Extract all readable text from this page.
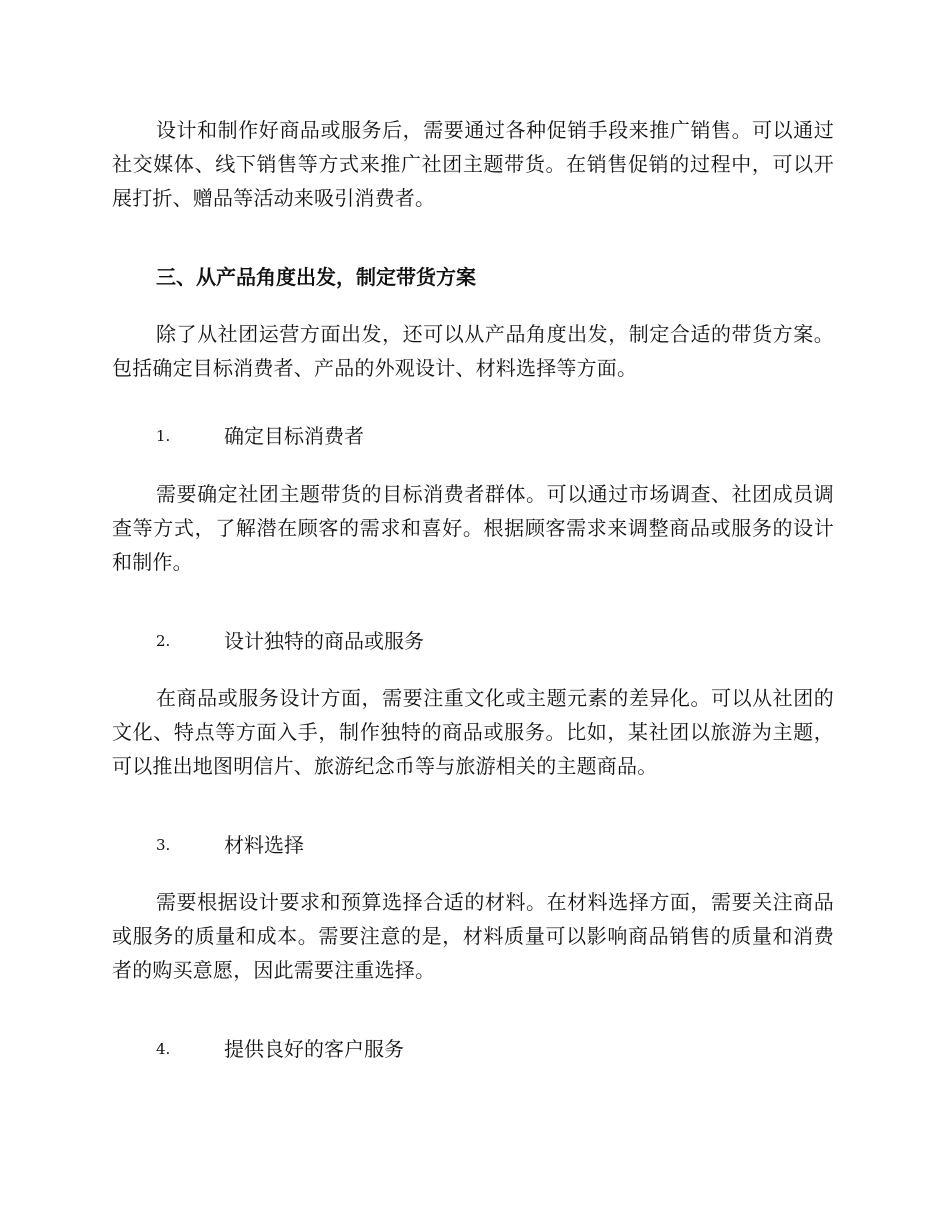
设计和制作好商品或服务后，需要通过各种促销手段来推广销售。可以通过社交媒体、线下销售等方式来推广社团主题带货。在销售促销的过程中，可以开展打折、赠品等活动来吸引消费者。

三、从产品角度出发，制定带货方案

除了从社团运营方面出发，还可以从产品角度出发，制定合适的带货方案。包括确定目标消费者、产品的外观设计、材料选择等方面。

1.	确定目标消费者

需要确定社团主题带货的目标消费者群体。可以通过市场调查、社团成员调查等方式，了解潜在顾客的需求和喜好。根据顾客需求来调整商品或服务的设计和制作。

2.	设计独特的商品或服务

在商品或服务设计方面，需要注重文化或主题元素的差异化。可以从社团的文化、特点等方面入手，制作独特的商品或服务。比如，某社团以旅游为主题，可以推出地图明信片、旅游纪念币等与旅游相关的主题商品。

3.	材料选择

需要根据设计要求和预算选择合适的材料。在材料选择方面，需要关注商品或服务的质量和成本。需要注意的是，材料质量可以影响商品销售的质量和消费者的购买意愿，因此需要注重选择。

4.	提供良好的客户服务
